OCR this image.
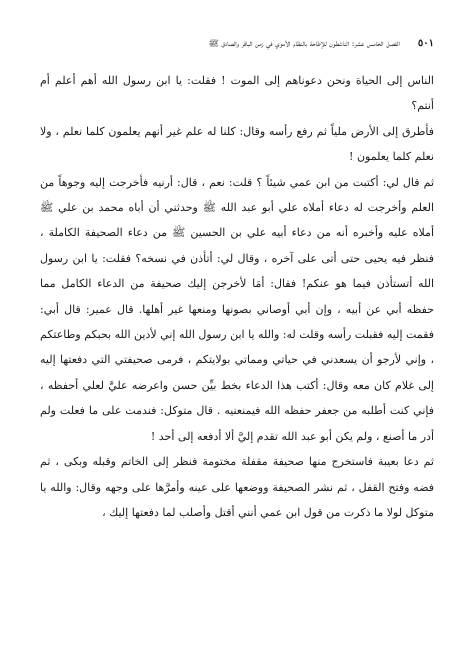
٥٠١
الفصل الخامس عشر: الناشطون للإطاحة بالنظام الأموي في زمن الباقر والصادق ﷺ

الناس إلى الحياة ونحن دعوناهم إلى الموت ! فقلت: يا ابن رسول الله أهم أعلم أم أنتم؟

فأطرق إلى الأرض ملياً ثم رفع رأسه وقال: كلنا له علم غير أنهم يعلمون كلما نعلم ، ولا نعلم كلما يعلمون !

ثم قال لي: أكتبت من ابن عمي شيئاً ؟ قلت: نعم ، قال: أرنيه فأخرجت إليه وجوهاً من العلم وأخرجت له دعاء أملاه علي أبو عبد الله ﷺ وحدثني أن أباه محمد بن علي ﷺ أملاه عليه وأخبره أنه من دعاء أبيه علي بن الحسين ﷺ من دعاء الصحيفة الكاملة ، فنظر فيه يحيى حتى أتى على آخره ، وقال لي: أتأذن في نسخه؟ فقلت: يا ابن رسول الله أتستأذن فيما هو عنكم! فقال: أمَا لأخرجن إليك صحيفة من الدعاء الكامل مما حفظه أبي عن أبيه ، وإن أبي أوصاني بصونها ومنعها غير أهلها. قال عمير: قال أبي: فقمت إليه فقبلت رأسه وقلت له: والله يا ابن رسول الله إني لأدين الله بحبكم وطاعتكم ، وإني لأرجو أن يسعدني في حياتي ومماتي بولايتكم ، فرمى صحيفتي التي دفعتها إليه إلى غلام كان معه وقال: أكتب هذا الدعاء بخط بيِّن حسن واعرضه عليَّ لعلي أحفظه ، فإني كنت أطلبه من جعفر حفظه الله فيمنعنيه . قال متوكل: فندمت على ما فعلت ولم أدر ما أصنع ، ولم يكن أبو عبد الله تقدم إليَّ ألا أدفعه إلى أحد !

ثم دعا بعيبة فاستخرج منها صحيفة مقفلة مختومة فنظر إلى الخاتم وقبله وبكى ، ثم فضه وفتح القفل ، ثم نشر الصحيفة ووضعها على عينه وأمرَّها على وجهه وقال: والله يا متوكل لولا ما ذكرت من قول ابن عمي أنني أقتل وأصلب لما دفعتها إليك ،
